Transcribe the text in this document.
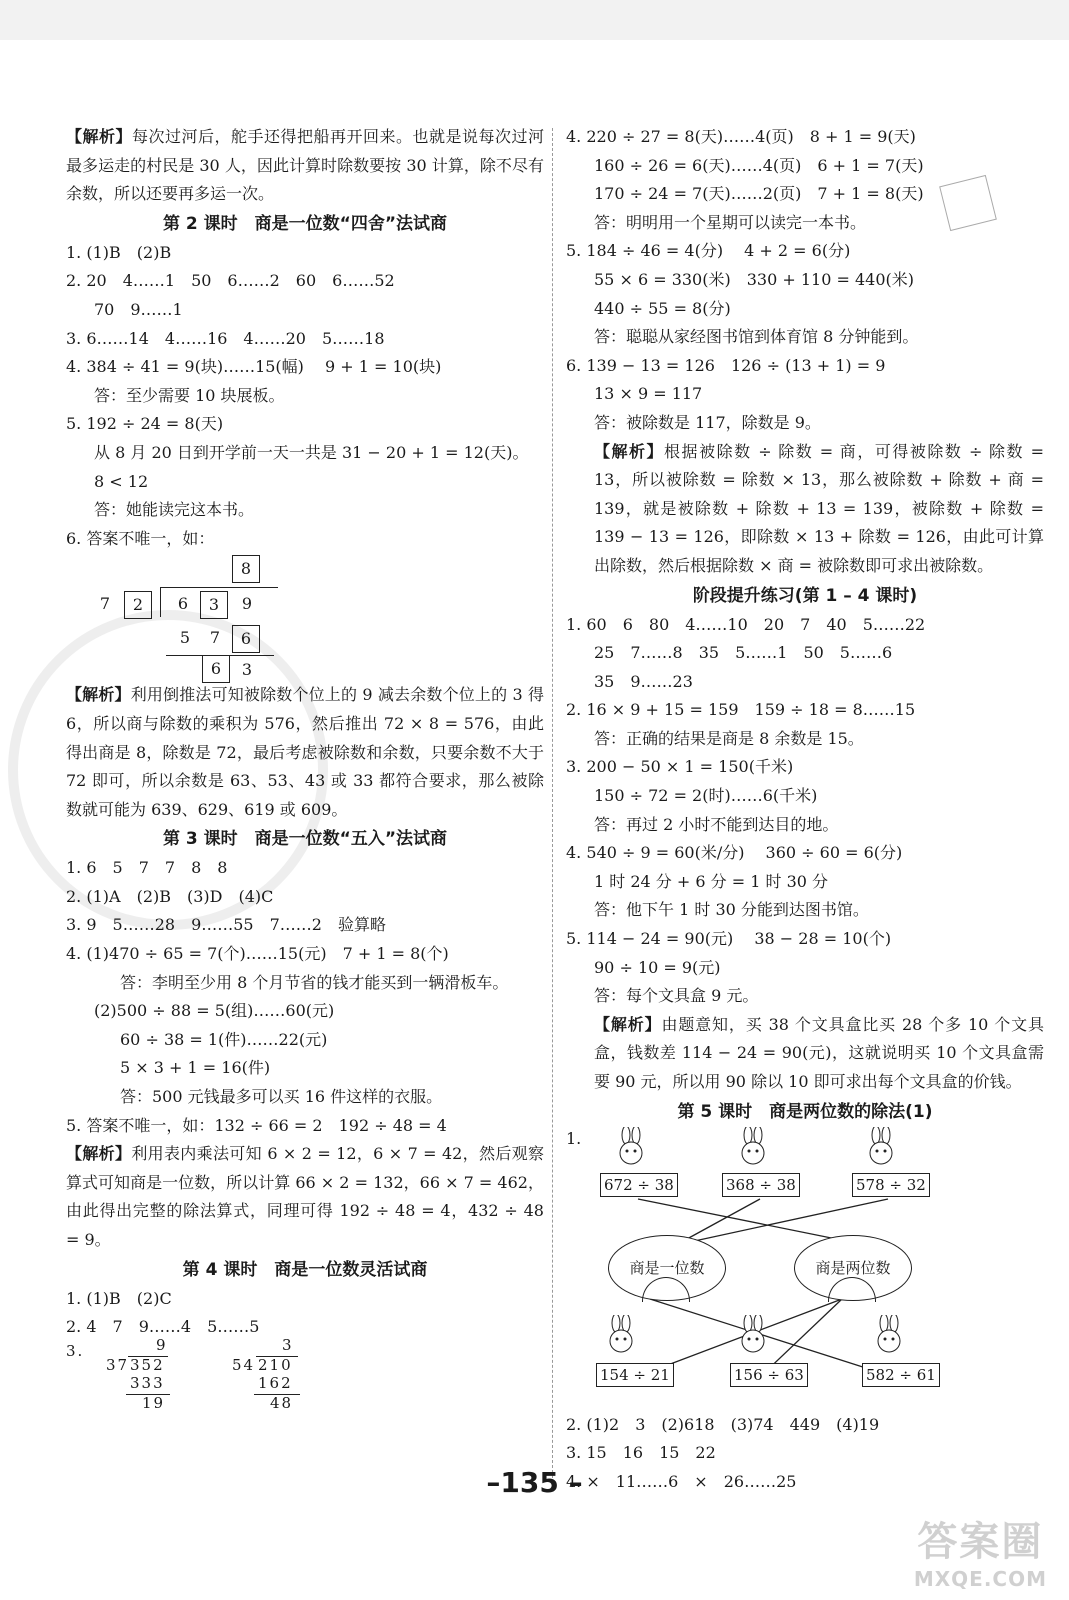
【解析】每次过河后，舵手还得把船再开回来。也就是说每次过河最多运走的村民是 30 人，因此计算时除数要按 30 计算，除不尽有余数，所以还要再多运一次。
第 2 课时　商是一位数“四舍”法试商
1. (1)B　(2)B
2. 20　4……1　50　6……2　60　6……52
70　9……1
3. 6……14　4……16　4……20　5……18
4. 384 ÷ 41 = 9(块)……15(幅)　 9 + 1 = 10(块)
答：至少需要 10 块展板。
5. 192 ÷ 24 = 8(天)
从 8 月 20 日到开学前一天一共是 31 − 20 + 1 = 12(天)。
8 < 12
答：她能读完这本书。
6. 答案不唯一，如：
8
7	2	6	3	9
5	7	6
6	3
【解析】利用倒推法可知被除数个位上的 9 减去余数个位上的 3 得 6，所以商与除数的乘积为 576，然后推出 72 × 8 = 576，由此得出商是 8，除数是 72，最后考虑被除数和余数，只要余数不大于 72 即可，所以余数是 63、53、43 或 33 都符合要求，那么被除数就可能为 639、629、619 或 609。
第 3 课时　商是一位数“五入”法试商
1. 6　5　7　7　8　8
2. (1)A　(2)B　(3)D　(4)C
3. 9　5……28　9……55　7……2　验算略
4. (1)470 ÷ 65 = 7(个)……15(元)　7 + 1 = 8(个)
答：李明至少用 8 个月节省的钱才能买到一辆滑板车。
(2)500 ÷ 88 = 5(组)……60(元)
60 ÷ 38 = 1(件)……22(元)
5 × 3 + 1 = 16(件)
答：500 元钱最多可以买 16 件这样的衣服。
5. 答案不唯一，如：132 ÷ 66 = 2　192 ÷ 48 = 4
【解析】利用表内乘法可知 6 × 2 = 12，6 × 7 = 42，然后观察算式可知商是一位数，所以计算 66 × 2 = 132，66 × 7 = 462，由此得出完整的除法算式，同理可得 192 ÷ 48 = 4，432 ÷ 48 = 9。
第 4 课时　商是一位数灵活试商
1. (1)B　(2)C
2. 4　7　9……4　5……5
3.	9
37 352
333
19
3
54 210
162
48
4. 220 ÷ 27 = 8(天)……4(页)　8 + 1 = 9(天)
160 ÷ 26 = 6(天)……4(页)　6 + 1 = 7(天)
170 ÷ 24 = 7(天)……2(页)　7 + 1 = 8(天)
答：明明用一个星期可以读完一本书。
5. 184 ÷ 46 = 4(分)　 4 + 2 = 6(分)
55 × 6 = 330(米)　330 + 110 = 440(米)
440 ÷ 55 = 8(分)
答：聪聪从家经图书馆到体育馆 8 分钟能到。
6. 139 − 13 = 126　126 ÷ (13 + 1) = 9
13 × 9 = 117
答：被除数是 117，除数是 9。
【解析】根据被除数 ÷ 除数 = 商，可得被除数 ÷ 除数 = 13，所以被除数 = 除数 × 13，那么被除数 + 除数 + 商 = 139，就是被除数 + 除数 + 13 = 139，被除数 + 除数 = 139 − 13 = 126，即除数 × 13 + 除数 = 126，由此可计算出除数，然后根据除数 × 商 = 被除数即可求出被除数。
阶段提升练习(第 1 – 4 课时)
1. 60　6　80　4……10　20　7　40　5……22
25　7……8　35　5……1　50　5……6
35　9……23
2. 16 × 9 + 15 = 159　159 ÷ 18 = 8……15
答：正确的结果是商是 8 余数是 15。
3. 200 − 50 × 1 = 150(千米)
150 ÷ 72 = 2(时)……6(千米)
答：再过 2 小时不能到达目的地。
4. 540 ÷ 9 = 60(米/分)　 360 ÷ 60 = 6(分)
1 时 24 分 + 6 分 = 1 时 30 分
答：他下午 1 时 30 分能到达图书馆。
5. 114 − 24 = 90(元)　 38 − 28 = 10(个)
90 ÷ 10 = 9(元)
答：每个文具盒 9 元。
【解析】由题意知，买 38 个文具盒比买 28 个多 10 个文具盒，钱数差 114 − 24 = 90(元)，这就说明买 10 个文具盒需要 90 元，所以用 90 除以 10 即可求出每个文具盒的价钱。
第 5 课时　商是两位数的除法(1)
1.
672 ÷ 38	368 ÷ 38	578 ÷ 32
商是一位数	商是两位数
154 ÷ 21	156 ÷ 63	582 ÷ 61
2. (1)2　3　(2)618　(3)74　449　(4)19
3. 15　16　15　22
4. ×　11……6　×　26……25
–135 –
答案圈
MXQE.COM
